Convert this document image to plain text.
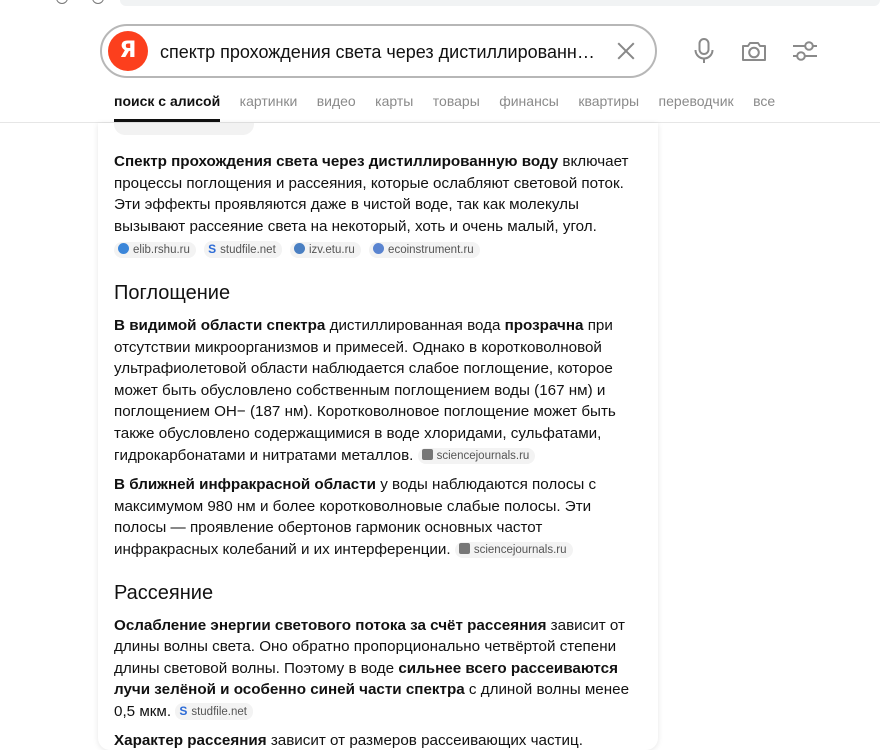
Я	спектр прохождения света через дистиллированн…
поиск с алисой картинки видео карты товары финансы квартиры переводчик все

Спектр прохождения света через дистиллированную воду включает процессы поглощения и рассеяния, которые ослабляют световой поток. Эти эффекты проявляются даже в чистой воде, так как молекулы вызывают рассеяние света на некоторый, хоть и очень малый, угол.

elib.rshu.ru S studfile.net	izv.etu.ru	ecoinstrument.ru
Поглощение

В видимой области спектра дистиллированная вода прозрачна при отсутствии микроорганизмов и примесей. Однако в коротковолновой ультрафиолетовой области наблюдается слабое поглощение, которое может быть обусловлено собственным поглощением воды (167 нм) и поглощением OH− (187 нм). Коротковолновое поглощение может быть также обусловлено содержащимися в воде хлоридами, сульфатами, гидрокарбонатами и нитратами металлов. sciencejournals.ru

В ближней инфракрасной области у воды наблюдаются полосы с максимумом 980 нм и более коротковолновые слабые полосы. Эти полосы — проявление обертонов гармоник основных частот инфракрасных колебаний и их интерференции. sciencejournals.ru

Рассеяние

Ослабление энергии светового потока за счёт рассеяния зависит от длины волны света. Оно обратно пропорционально четвёртой степени длины световой волны. Поэтому в воде сильнее всего рассеиваются лучи зелёной и особенно синей части спектра с длиной волны менее 0,5 мкм. S studfile.net

Характер рассеяния зависит от размеров рассеивающих частиц.
